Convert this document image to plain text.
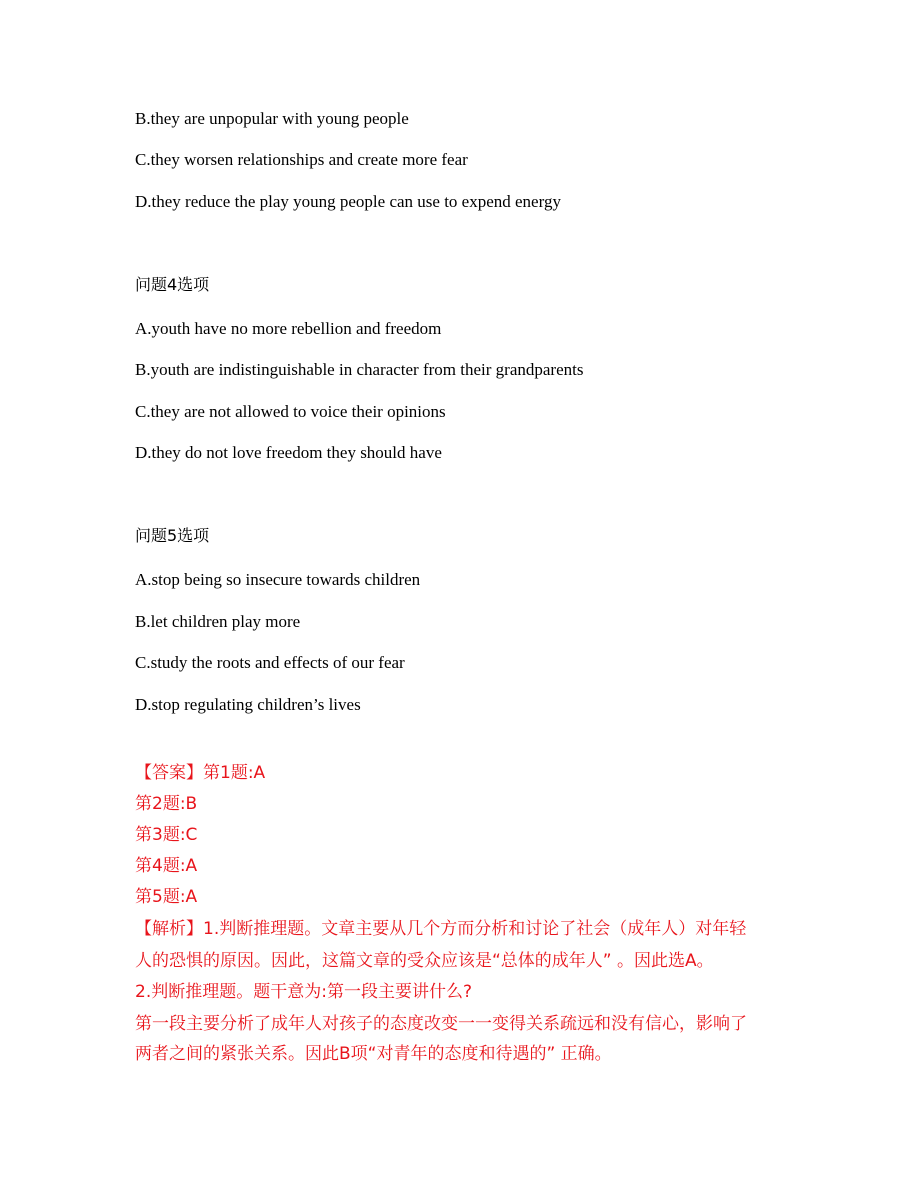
B.they are unpopular with young people
C.they worsen relationships and create more fear
D.they reduce the play young people can use to expend energy
问题4选项
A.youth have no more rebellion and freedom
B.youth are indistinguishable in character from their grandparents
C.they are not allowed to voice their opinions
D.they do not love freedom they should have
问题5选项
A.stop being so insecure towards children
B.let children play more
C.study the roots and effects of our fear
D.stop regulating children’s lives
【答案】第1题:A
第2题:B
第3题:C
第4题:A
第5题:A
【解析】1.判断推理题。文章主要从几个方而分析和讨论了社会（成年人）对年轻
人的恐惧的原因。因此，这篇文章的受众应该是“总体的成年人” 。因此选A。
2.判断推理题。题干意为:第一段主要讲什么?
第一段主要分析了成年人对孩子的态度改变一一变得关系疏远和没有信心，影响了
两者之间的紧张关系。因此B项“对青年的态度和待遇的” 正确。
